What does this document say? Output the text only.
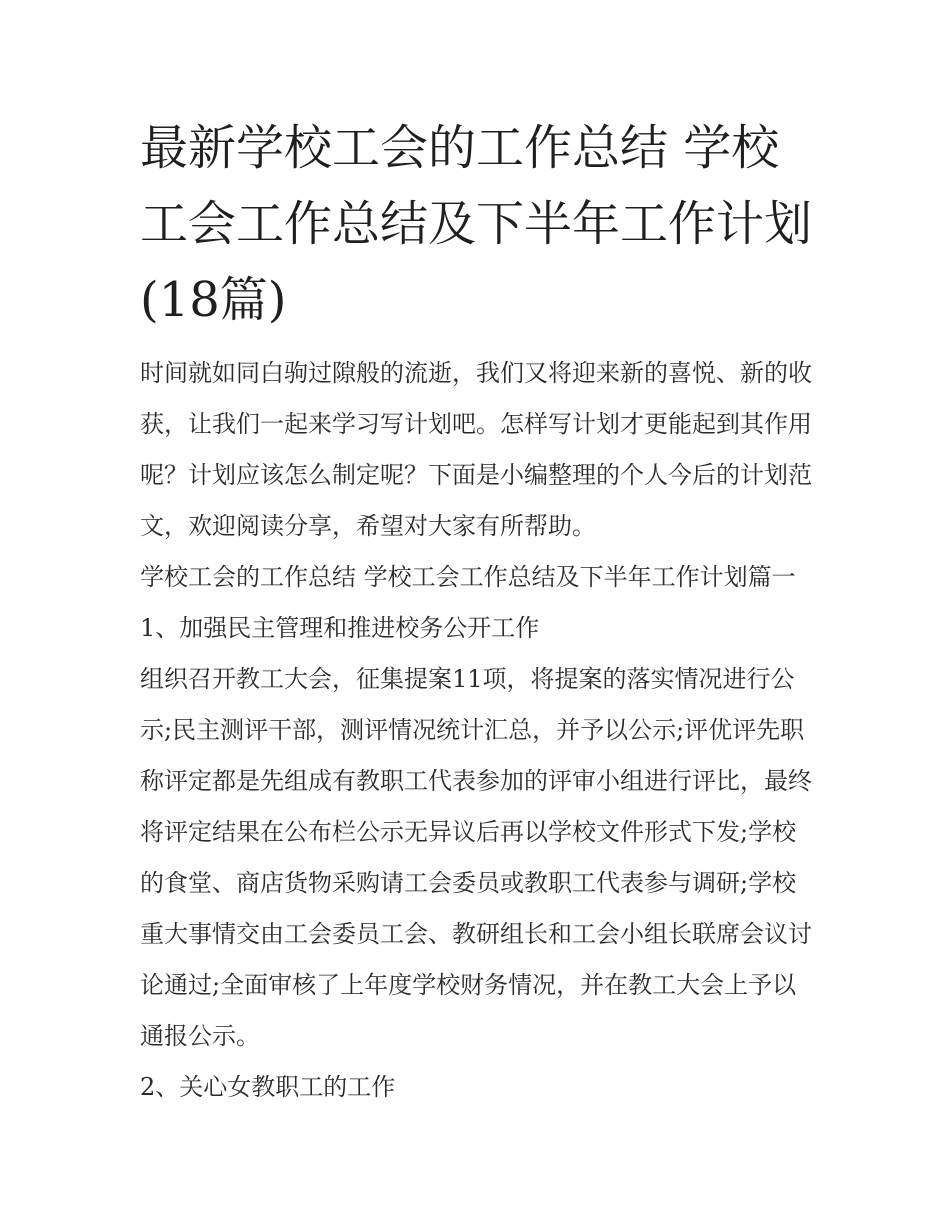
最新学校工会的工作总结 学校工会工作总结及下半年工作计划(18篇)

时间就如同白驹过隙般的流逝，我们又将迎来新的喜悦、新的收获，让我们一起来学习写计划吧。怎样写计划才更能起到其作用呢？计划应该怎么制定呢？下面是小编整理的个人今后的计划范文，欢迎阅读分享，希望对大家有所帮助。

学校工会的工作总结 学校工会工作总结及下半年工作计划篇一1、加强民主管理和推进校务公开工作

组织召开教工大会，征集提案11项，将提案的落实情况进行公示;民主测评干部，测评情况统计汇总，并予以公示;评优评先职称评定都是先组成有教职工代表参加的评审小组进行评比，最终将评定结果在公布栏公示无异议后再以学校文件形式下发;学校的食堂、商店货物采购请工会委员或教职工代表参与调研;学校重大事情交由工会委员工会、教研组长和工会小组长联席会议讨论通过;全面审核了上年度学校财务情况，并在教工大会上予以通报公示。

2、关心女教职工的工作
